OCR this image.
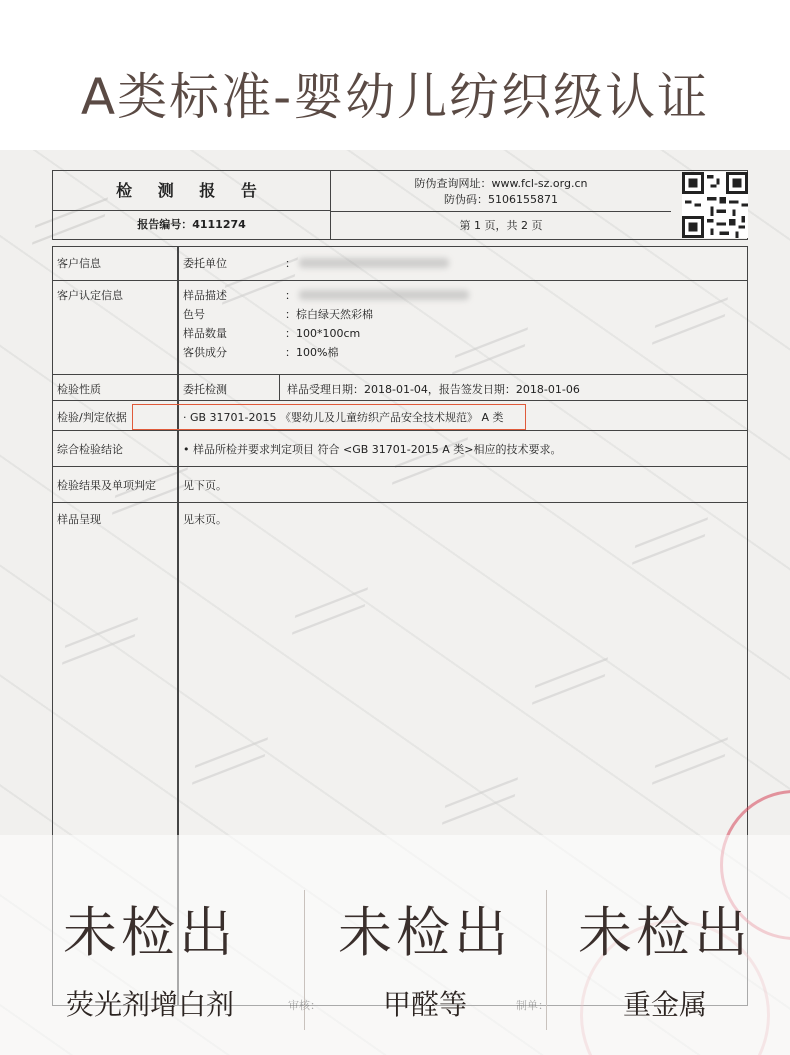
A类标准-婴幼儿纺织级认证
检 测 报 告
报告编号：4111274
防伪查询网址：www.fcl-sz.org.cn
防伪码：5106155871
第 1 页，共 2 页
客户信息	委托单位	：
客户认定信息	样品描述	：
色号	：棕白绿天然彩棉
样品数量	：100*100cm
客供成分	：100%棉
检验性质	委托检测	样品受理日期：2018-01-04，报告签发日期：2018-01-06
检验/判定依据	· GB 31701-2015 《婴幼儿及儿童纺织产品安全技术规范》 A 类
综合检验结论	• 样品所检并要求判定项目 符合 <GB 31701-2015 A 类>相应的技术要求。
检验结果及单项判定 见下页。
样品呈现	见末页。
未检出
荧光剂增白剂	审核：
未检出
甲醛等	制单：
未检出
重金属
